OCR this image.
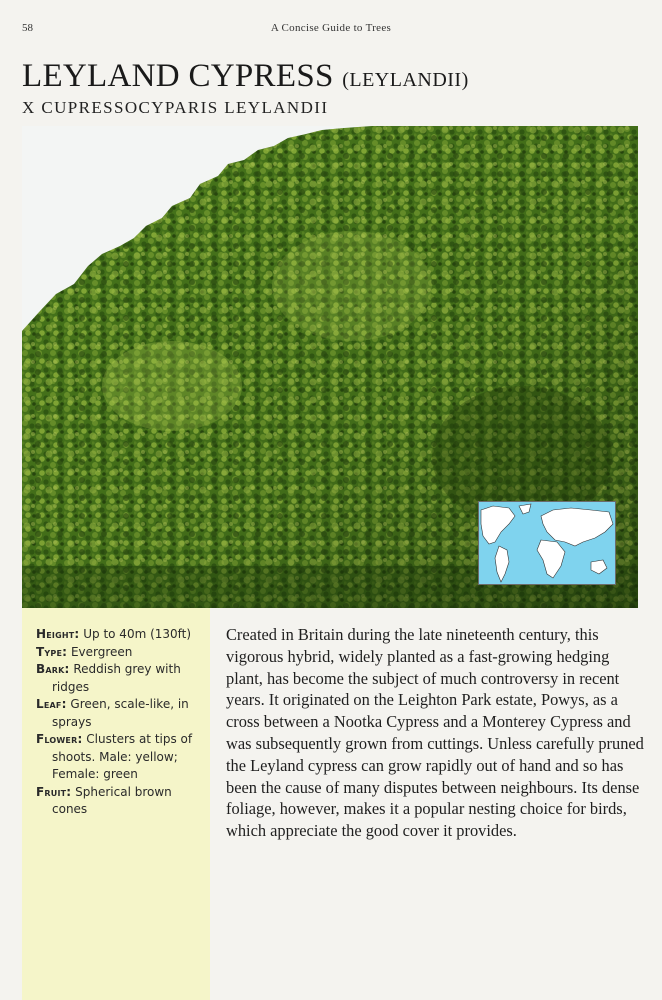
58	A Concise Guide to Trees
LEYLAND CYPRESS (LEYLANDII)
X CUPRESSOCYPARIS LEYLANDII

Height: Up to 40m (130ft)

Type: Evergreen

Bark: Reddish grey with ridges

Leaf: Green, scale-like, in sprays

Flower: Clusters at tips of shoots. Male: yellow; Female: green

Fruit: Spherical brown cones

Created in Britain during the late nineteenth century, this vigorous hybrid, widely planted as a fast-growing hedging plant, has become the subject of much controversy in recent years. It originated on the Leighton Park estate, Powys, as a cross between a Nootka Cypress and a Monterey Cypress and was subsequently grown from cuttings. Unless carefully pruned the Leyland cypress can grow rapidly out of hand and so has been the cause of many disputes between neighbours. Its dense foliage, however, makes it a popular nesting choice for birds, which appreciate the good cover it provides.
